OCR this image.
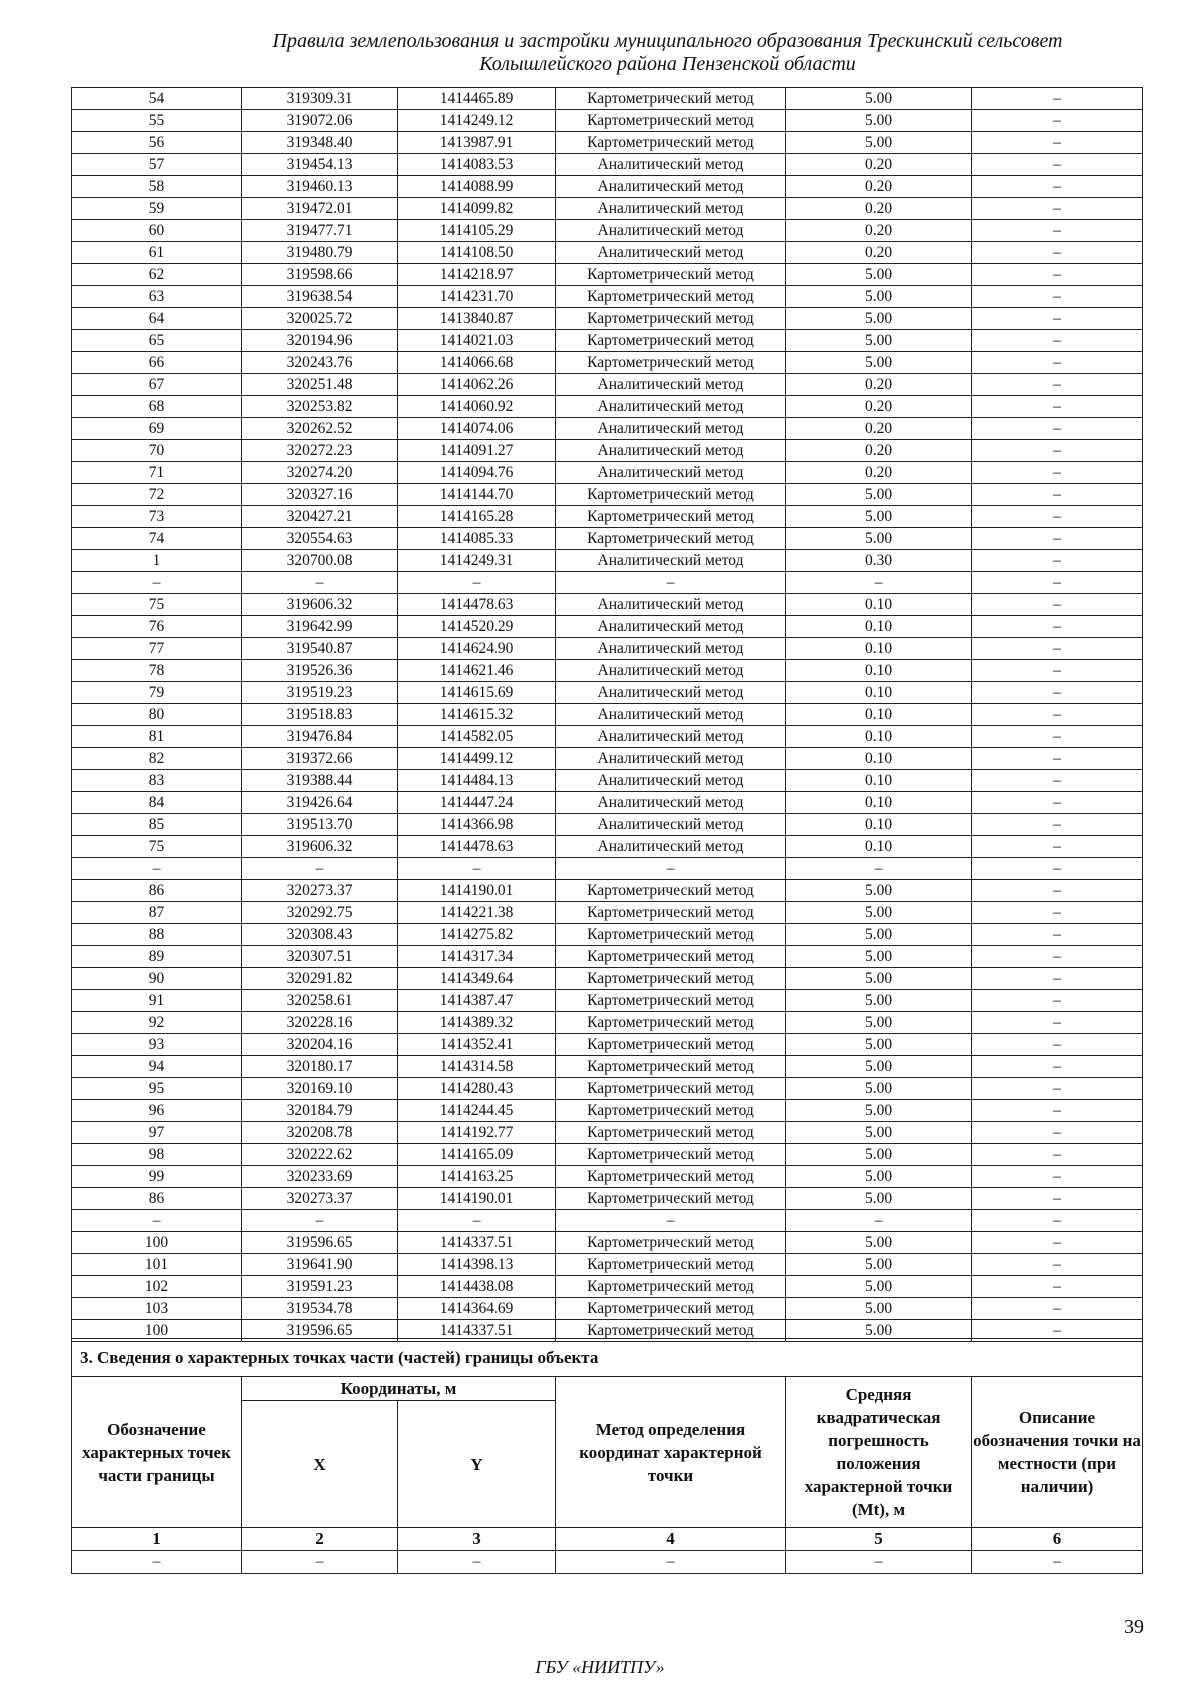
Правила землепользования и застройки муниципального образования Трескинский сельсовет
Колышлейского района Пензенской области
54	319309.31	1414465.89	Картометрический метод	5.00	–
55	319072.06	1414249.12	Картометрический метод	5.00	–
56	319348.40	1413987.91	Картометрический метод	5.00	–
57	319454.13	1414083.53	Аналитический метод	0.20	–
58	319460.13	1414088.99	Аналитический метод	0.20	–
59	319472.01	1414099.82	Аналитический метод	0.20	–
60	319477.71	1414105.29	Аналитический метод	0.20	–
61	319480.79	1414108.50	Аналитический метод	0.20	–
62	319598.66	1414218.97	Картометрический метод	5.00	–
63	319638.54	1414231.70	Картометрический метод	5.00	–
64	320025.72	1413840.87	Картометрический метод	5.00	–
65	320194.96	1414021.03	Картометрический метод	5.00	–
66	320243.76	1414066.68	Картометрический метод	5.00	–
67	320251.48	1414062.26	Аналитический метод	0.20	–
68	320253.82	1414060.92	Аналитический метод	0.20	–
69	320262.52	1414074.06	Аналитический метод	0.20	–
70	320272.23	1414091.27	Аналитический метод	0.20	–
71	320274.20	1414094.76	Аналитический метод	0.20	–
72	320327.16	1414144.70	Картометрический метод	5.00	–
73	320427.21	1414165.28	Картометрический метод	5.00	–
74	320554.63	1414085.33	Картометрический метод	5.00	–
1	320700.08	1414249.31	Аналитический метод	0.30	–
–	–	–	–	–	–
75	319606.32	1414478.63	Аналитический метод	0.10	–
76	319642.99	1414520.29	Аналитический метод	0.10	–
77	319540.87	1414624.90	Аналитический метод	0.10	–
78	319526.36	1414621.46	Аналитический метод	0.10	–
79	319519.23	1414615.69	Аналитический метод	0.10	–
80	319518.83	1414615.32	Аналитический метод	0.10	–
81	319476.84	1414582.05	Аналитический метод	0.10	–
82	319372.66	1414499.12	Аналитический метод	0.10	–
83	319388.44	1414484.13	Аналитический метод	0.10	–
84	319426.64	1414447.24	Аналитический метод	0.10	–
85	319513.70	1414366.98	Аналитический метод	0.10	–
75	319606.32	1414478.63	Аналитический метод	0.10	–
–	–	–	–	–	–
86	320273.37	1414190.01	Картометрический метод	5.00	–
87	320292.75	1414221.38	Картометрический метод	5.00	–
88	320308.43	1414275.82	Картометрический метод	5.00	–
89	320307.51	1414317.34	Картометрический метод	5.00	–
90	320291.82	1414349.64	Картометрический метод	5.00	–
91	320258.61	1414387.47	Картометрический метод	5.00	–
92	320228.16	1414389.32	Картометрический метод	5.00	–
93	320204.16	1414352.41	Картометрический метод	5.00	–
94	320180.17	1414314.58	Картометрический метод	5.00	–
95	320169.10	1414280.43	Картометрический метод	5.00	–
96	320184.79	1414244.45	Картометрический метод	5.00	–
97	320208.78	1414192.77	Картометрический метод	5.00	–
98	320222.62	1414165.09	Картометрический метод	5.00	–
99	320233.69	1414163.25	Картометрический метод	5.00	–
86	320273.37	1414190.01	Картометрический метод	5.00	–
–	–	–	–	–	–
100	319596.65	1414337.51	Картометрический метод	5.00	–
101	319641.90	1414398.13	Картометрический метод	5.00	–
102	319591.23	1414438.08	Картометрический метод	5.00	–
103	319534.78	1414364.69	Картометрический метод	5.00	–
100	319596.65	1414337.51	Картометрический метод	5.00	–
3. Сведения о характерных точках части (частей) границы объекта					
Обозначение характерных точек части границы	Координаты, м		Метод определения координат характерной точки	Средняя квадратическая погрешность положения характерной точки (Mt), м	Описание обозначения точки на местности (при наличии)
	X	Y			
1	2	3	4	5	6
–	–	–	–	–	–
39
ГБУ «НИИТПУ»
